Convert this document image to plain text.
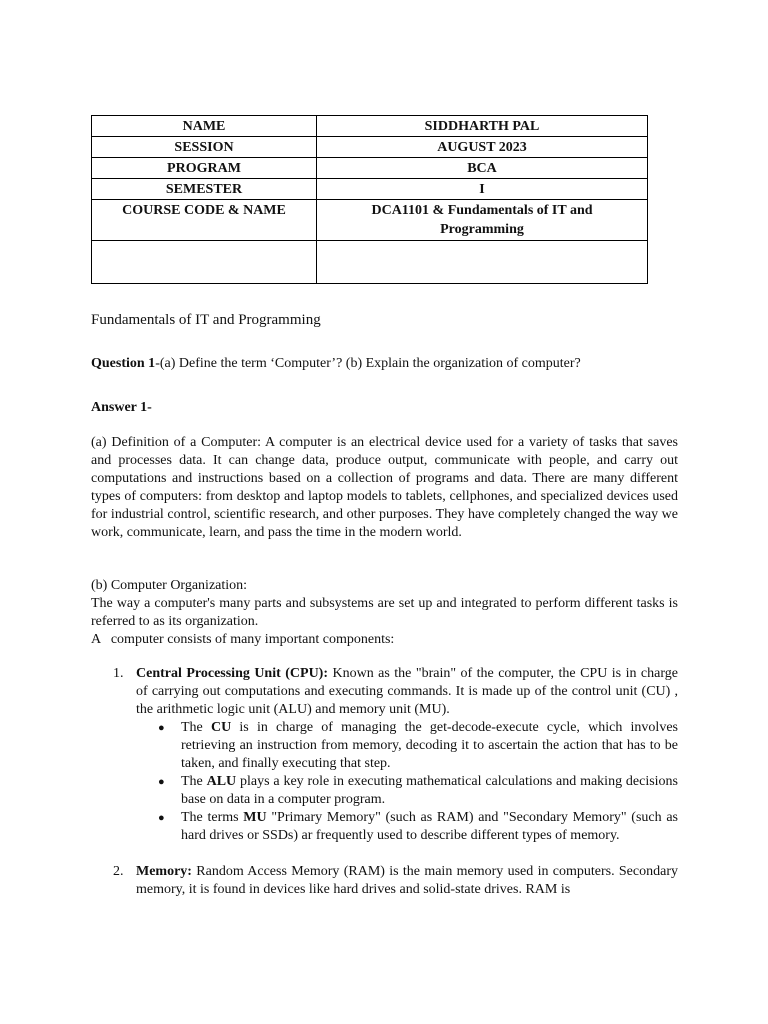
NAME	SIDDHARTH PAL
SESSION	AUGUST 2023
PROGRAM	BCA
SEMESTER	I
COURSE CODE & NAME	DCA1101 & Fundamentals of IT and
Programming

Fundamentals of IT and Programming
Question 1-(a) Define the term ‘Computer’? (b) Explain the organization of computer?
Answer 1-
(a) Definition of a Computer: A computer is an electrical device used for a variety of tasks that saves and processes data. It can change data, produce output, communicate with people, and carry out computations and instructions based on a collection of programs and data. There are many different types of computers: from desktop and laptop models to tablets, cellphones, and specialized devices used for industrial control, scientific research, and other purposes. They have completely changed the way we work, communicate, learn, and pass the time in the modern world.
(b) Computer Organization:
The way a computer's many parts and subsystems are set up and integrated to perform different tasks is referred to as its organization.
A   computer consists of many important components:
1. Central Processing Unit (CPU): Known as the "brain" of the computer, the CPU is in charge of carrying out computations and executing commands. It is made up of the control unit (CU) , the arithmetic logic unit (ALU) and memory unit (MU).
● The CU is in charge of managing the get-decode-execute cycle, which involves retrieving an instruction from memory, decoding it to ascertain the action that has to be taken, and finally executing that step.
● The ALU plays a key role in executing mathematical calculations and making decisions base on data in a computer program.
● The terms MU "Primary Memory" (such as RAM) and "Secondary Memory" (such as hard drives or SSDs) ar frequently used to describe different types of memory.
2. Memory: Random Access Memory (RAM) is the main memory used in computers. Secondary memory, it is found in devices like hard drives and solid-state drives. RAM is
